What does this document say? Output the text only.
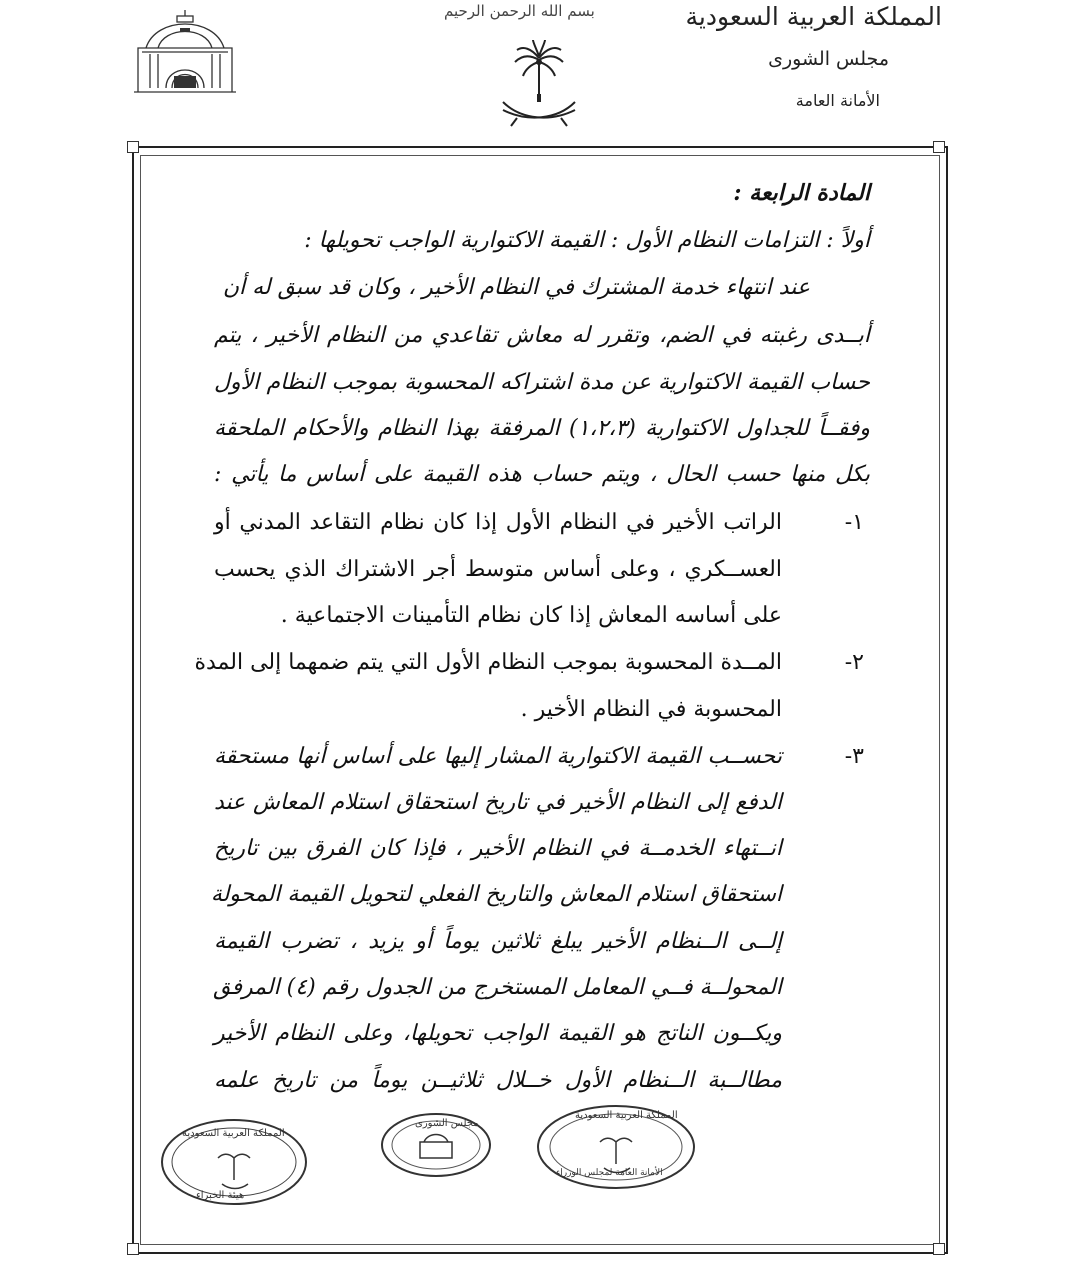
بسم الله الرحمن الرحيم	المملكة العربية السعودية
مجلس الشورى
الأمانة العامة
المادة الرابعة :
أولاً : التزامات النظام الأول : القيمة الاكتوارية الواجب تحويلها :
عند انتهاء خدمة المشترك في النظام الأخير ، وكان قد سبق له أن
أبــدى رغبته في الضم، وتقرر له معاش تقاعدي من النظام الأخير ، يتم
حساب القيمة الاكتوارية عن مدة اشتراكه المحسوبة بموجب النظام الأول
وفقــاً للجداول الاكتوارية (١،٢،٣) المرفقة بهذا النظام والأحكام الملحقة
بكل منها حسب الحال ، ويتم حساب هذه القيمة على أساس ما يأتي :
١-
الراتب الأخير في النظام الأول إذا كان نظام التقاعد المدني أو
العســكري ، وعلى أساس متوسط أجر الاشتراك الذي يحسب
على أساسه المعاش إذا كان نظام التأمينات الاجتماعية .
٢-
المــدة المحسوبة بموجب النظام الأول التي يتم ضمهما إلى المدة
المحسوبة في النظام الأخير .
٣-
تحســب القيمة الاكتوارية المشار إليها على أساس أنها مستحقة
الدفع إلى النظام الأخير في تاريخ استحقاق استلام المعاش عند
انــتهاء الخدمــة في النظام الأخير ، فإذا كان الفرق بين تاريخ
استحقاق استلام المعاش والتاريخ الفعلي لتحويل القيمة المحولة
إلــى الــنظام الأخير يبلغ ثلاثين يوماً أو يزيد ، تضرب القيمة
المحولــة فــي المعامل المستخرج من الجدول رقم (٤) المرفق
ويكــون الناتج هو القيمة الواجب تحويلها، وعلى النظام الأخير
مطالــبة الــنظام الأول خــلال ثلاثيــن يوماً من تاريخ علمه
المملكة العربية السعودية
هيئة الخبراء
مجلس الشورى
المملكة العربية السعودية
الأمانة العامة لمجلس الوزراء
